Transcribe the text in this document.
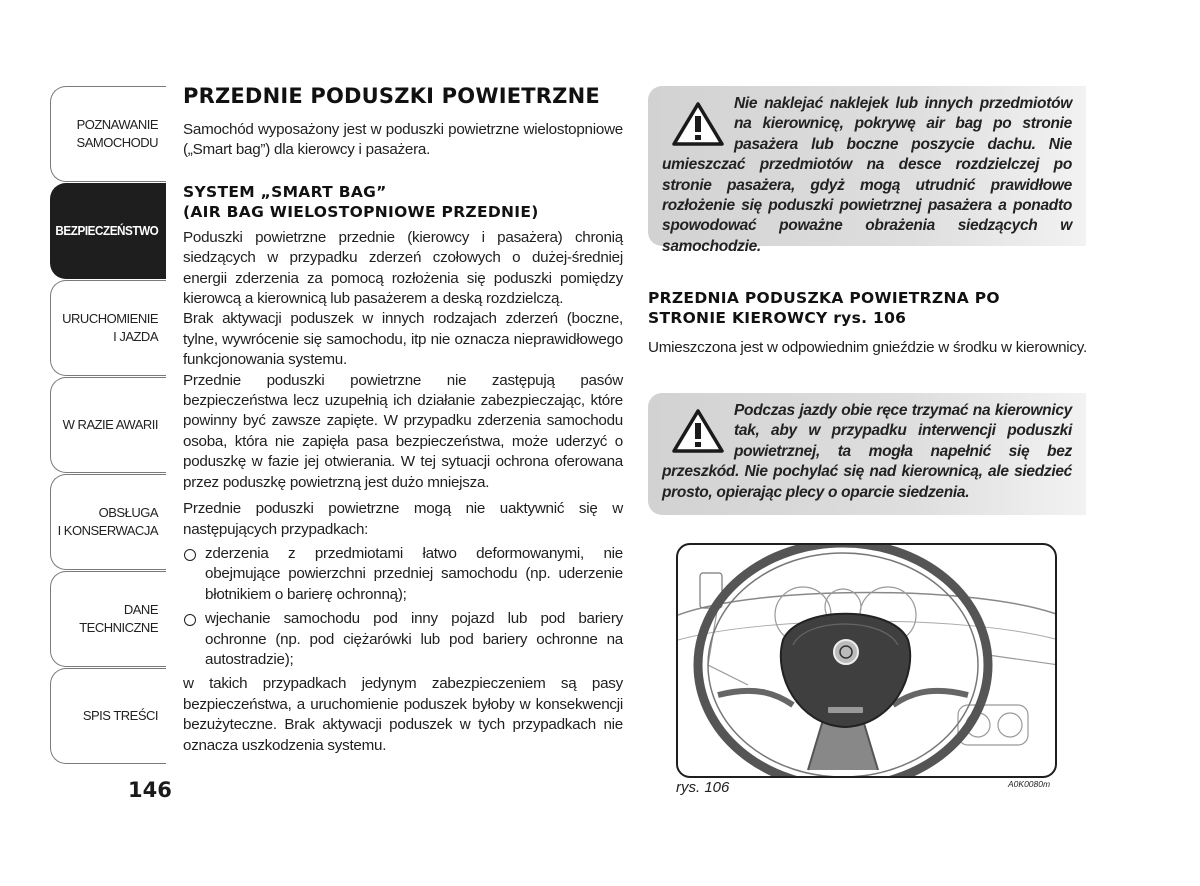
POZNAWANIE
SAMOCHODU
BEZPIECZEŃSTWO
URUCHOMIENIE
I JAZDA
W RAZIE AWARII
OBSŁUGA
I KONSERWACJA
DANE
TECHNICZNE
SPIS TREŚCI
146
PRZEDNIE PODUSZKI POWIETRZNE

Samochód wyposażony jest w poduszki powietrzne wielostopniowe („Smart bag”) dla kierowcy i pasażera.

SYSTEM „SMART BAG”
(AIR BAG WIELOSTOPNIOWE PRZEDNIE)

Poduszki powietrzne przednie (kierowcy i pasażera) chronią siedzących w przypadku zderzeń czołowych o dużej-średniej energii zderzenia za pomocą rozłożenia się poduszki pomiędzy kierowcą a kierownicą lub pasażerem a deską rozdzielczą.

Brak aktywacji poduszek w innych rodzajach zderzeń (boczne, tylne, wywrócenie się samochodu, itp nie oznacza nieprawidłowego funkcjonowania systemu.

Przednie poduszki powietrzne nie zastępują pasów bezpieczeństwa lecz uzupełnią ich działanie zabezpieczając, które powinny być zawsze zapięte. W przypadku zderzenia samochodu osoba, która nie zapięła pasa bezpieczeństwa, może uderzyć o poduszkę w fazie jej otwierania. W tej sytuacji ochrona oferowana przez poduszkę powietrzną jest dużo mniejsza.

Przednie poduszki powietrzne mogą nie uaktywnić się w następujących przypadkach:

zderzenia z przedmiotami łatwo deformowanymi, nie obejmujące powierzchni przedniej samochodu (np. uderzenie błotnikiem o barierę ochronną);
wjechanie samochodu pod inny pojazd lub pod bariery ochronne (np. pod ciężarówki lub pod bariery ochronne na autostradzie);

w takich przypadkach jedynym zabezpieczeniem są pasy bezpieczeństwa, a uruchomienie poduszek byłoby w konsekwencji bezużyteczne. Brak aktywacji poduszek w tych przypadkach nie oznacza uszkodzenia systemu.

Nie naklejać naklejek lub innych przedmiotów na kierownicę, pokrywę air bag po stronie pasażera lub boczne poszycie dachu. Nie umieszczać przedmiotów na desce rozdzielczej po stronie pasażera, gdyż mogą utrudnić prawidłowe rozłożenie się poduszki powietrznej pasażera a ponadto spowodować poważne obrażenia siedzących w samochodzie.
PRZEDNIA PODUSZKA POWIETRZNA PO
STRONIE KIEROWCY rys. 106

Umieszczona jest w odpowiednim gnieździe w środku w kierownicy.

Podczas jazdy obie ręce trzymać na kierownicy tak, aby w przypadku interwencji poduszki powietrznej, ta mogła napełnić się bez przeszkód. Nie pochylać się nad kierownicą, ale siedzieć prosto, opierając plecy o oparcie siedzenia.
rys. 106	A0K0080m
